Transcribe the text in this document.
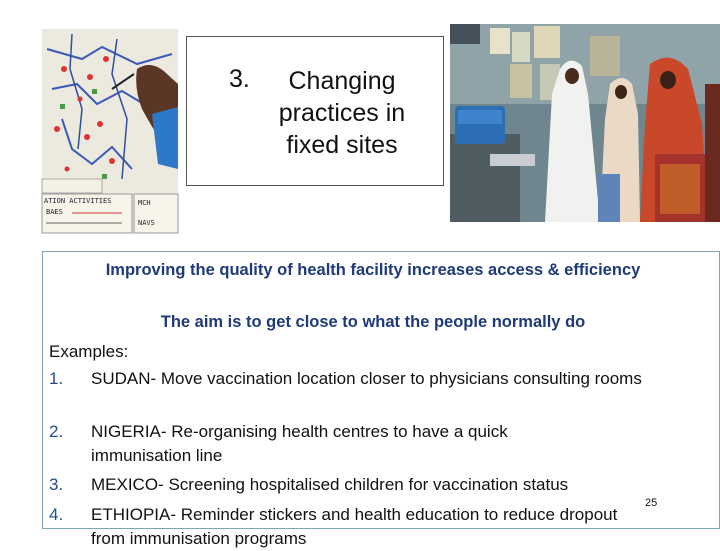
ATION ACTIVITIES
BAES
MCH
NAVS
3.	Changing practices in fixed sites
Improving the quality of health facility increases access & efficiency
The aim is to get close to what the people normally do
Examples:
1. SUDAN- Move vaccination location closer to physicians consulting rooms
2. NIGERIA- Re-organising health centres to have a quick immunisation line
3. MEXICO- Screening hospitalised children for vaccination status
4. ETHIOPIA- Reminder stickers and health education to reduce dropout from immunisation programs
25
